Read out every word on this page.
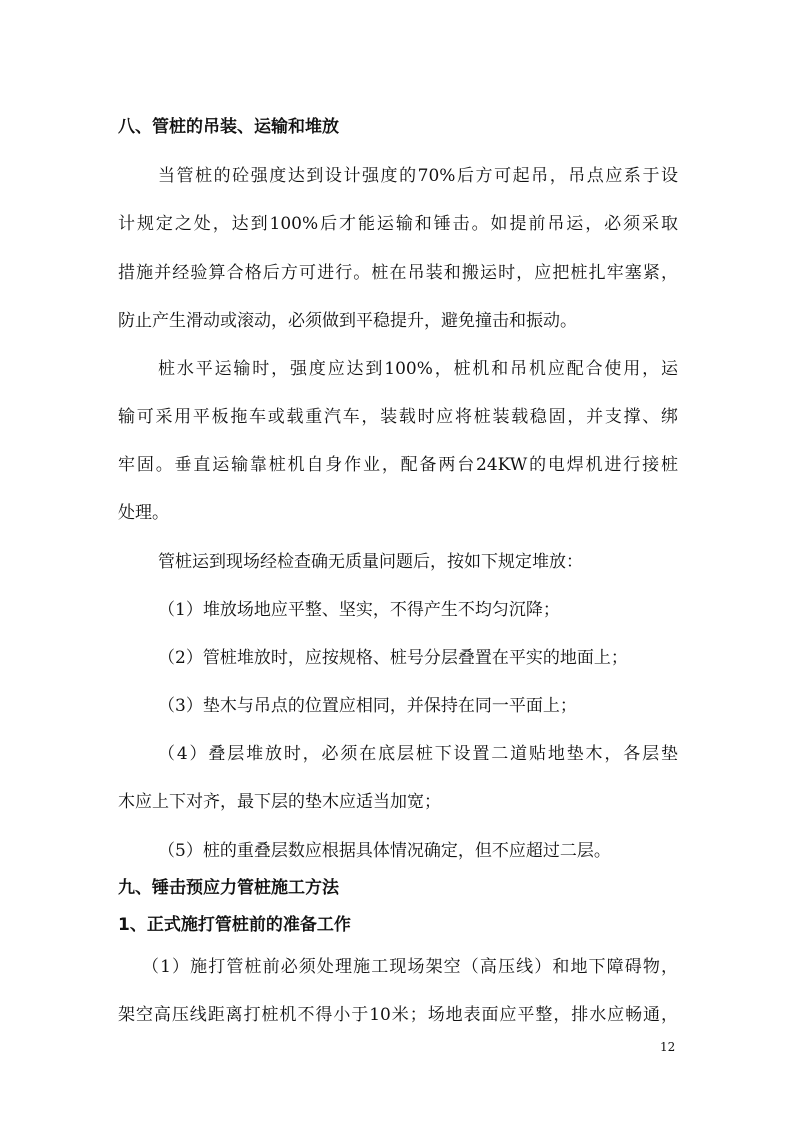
八、管桩的吊装、运输和堆放
当管桩的砼强度达到设计强度的70%后方可起吊，吊点应系于设
计规定之处，达到100%后才能运输和锤击。如提前吊运，必须采取
措施并经验算合格后方可进行。桩在吊装和搬运时，应把桩扎牢塞紧，
防止产生滑动或滚动，必须做到平稳提升，避免撞击和振动。
桩水平运输时，强度应达到100%，桩机和吊机应配合使用，运
输可采用平板拖车或载重汽车，装载时应将桩装载稳固，并支撑、绑
牢固。垂直运输靠桩机自身作业，配备两台24KW的电焊机进行接桩
处理。
管桩运到现场经检查确无质量问题后，按如下规定堆放：
（1）堆放场地应平整、坚实，不得产生不均匀沉降；
（2）管桩堆放时，应按规格、桩号分层叠置在平实的地面上；
（3）垫木与吊点的位置应相同，并保持在同一平面上；
（4）叠层堆放时，必须在底层桩下设置二道贴地垫木，各层垫
木应上下对齐，最下层的垫木应适当加宽；
（5）桩的重叠层数应根据具体情况确定，但不应超过二层。
九、锤击预应力管桩施工方法
1、正式施打管桩前的准备工作
（1）施打管桩前必须处理施工现场架空（高压线）和地下障碍物，
架空高压线距离打桩机不得小于10米；场地表面应平整，排水应畅通，
12
